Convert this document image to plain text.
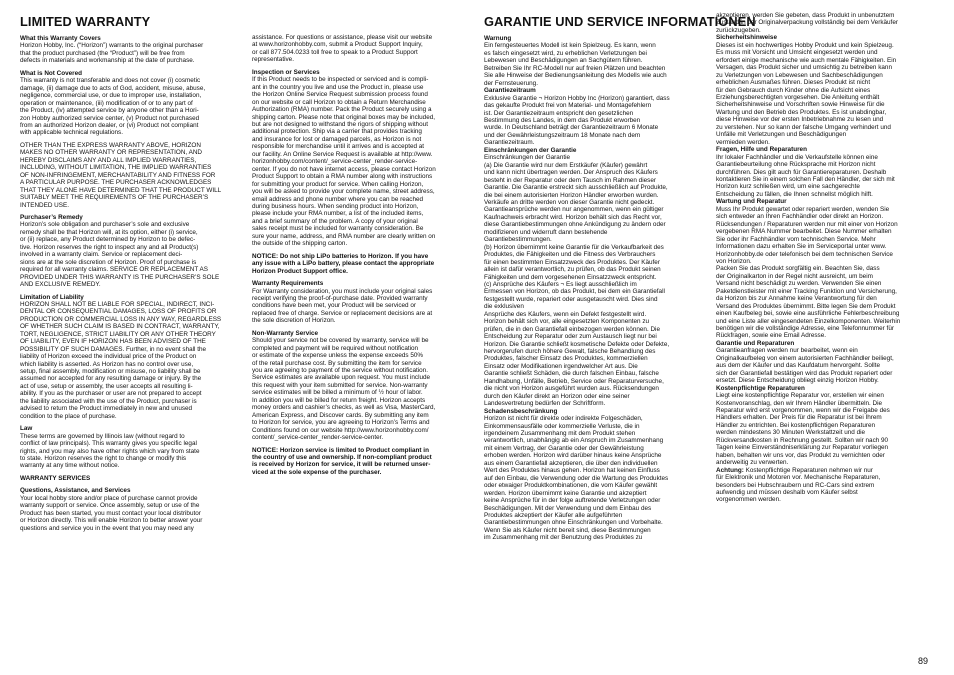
LIMITED WARRANTY
What this Warranty Covers
Horizon Hobby, Inc. (“Horizon”) warrants to the original purchaser
that the product purchased (the “Product”) will be free from
defects in materials and workmanship at the date of purchase.
What is Not Covered
This warranty is not transferable and does not cover (i) cosmetic
damage, (ii) damage due to acts of God, accident, misuse, abuse,
negligence, commercial use, or due to improper use, installation,
operation or maintenance, (iii) modification of or to any part of
the Product, (iv) attempted service by anyone other than a Hori-
zon Hobby authorized service center, (v) Product not purchased
from an authorized Horizon dealer, or (vi) Product not compliant
with applicable technical regulations.
OTHER THAN THE EXPRESS WARRANTY ABOVE, HORIZON
MAKES NO OTHER WARRANTY OR REPRESENTATION, AND
HEREBY DISCLAIMS ANY AND ALL IMPLIED WARRANTIES,
INCLUDING, WITHOUT LIMITATION, THE IMPLIED WARRANTIES
OF NON-INFRINGEMENT, MERCHANTABILITY AND FITNESS FOR
A PARTICULAR PURPOSE. THE PURCHASER ACKNOWLEDGES
THAT THEY ALONE HAVE DETERMINED THAT THE PRODUCT WILL
SUITABLY MEET THE REQUIREMENTS OF THE PURCHASER’S
INTENDED USE.
Purchaser’s Remedy
Horizon’s sole obligation and purchaser’s sole and exclusive
remedy shall be that Horizon will, at its option, either (i) service,
or (ii) replace, any Product determined by Horizon to be defec-
tive. Horizon reserves the right to inspect any and all Product(s)
involved in a warranty claim. Service or replacement deci-
sions are at the sole discretion of Horizon. Proof of purchase is
required for all warranty claims. SERVICE OR REPLACEMENT AS
PROVIDED UNDER THIS WARRANTY IS THE PURCHASER’S SOLE
AND EXCLUSIVE REMEDY.
Limitation of Liability
HORIZON SHALL NOT BE LIABLE FOR SPECIAL, INDIRECT, INCI-
DENTAL OR CONSEQUENTIAL DAMAGES, LOSS OF PROFITS OR
PRODUCTION OR COMMERCIAL LOSS IN ANY WAY, REGARDLESS
OF WHETHER SUCH CLAIM IS BASED IN CONTRACT, WARRANTY,
TORT, NEGLIGENCE, STRICT LIABILITY OR ANY OTHER THEORY
OF LIABILITY, EVEN IF HORIZON HAS BEEN ADVISED OF THE
POSSIBILITY OF SUCH DAMAGES. Further, in no event shall the
liability of Horizon exceed the individual price of the Product on
which liability is asserted. As Horizon has no control over use,
setup, final assembly, modification or misuse, no liability shall be
assumed nor accepted for any resulting damage or injury. By the
act of use, setup or assembly, the user accepts all resulting li-
ability. If you as the purchaser or user are not prepared to accept
the liability associated with the use of the Product, purchaser is
advised to return the Product immediately in new and unused
condition to the place of purchase.
Law
These terms are governed by Illinois law (without regard to
conflict of law principals). This warranty gives you specific legal
rights, and you may also have other rights which vary from state
to state. Horizon reserves the right to change or modify this
warranty at any time without notice.
WARRANTY SERVICES
Questions, Assistance, and Services
Your local hobby store and/or place of purchase cannot provide
warranty support or service. Once assembly, setup or use of the
Product has been started, you must contact your local distributor
or Horizon directly. This will enable Horizon to better answer your
questions and service you in the event that you may need any
assistance. For questions or assistance, please visit our website
at www.horizonhobby.com, submit a Product Support Inquiry,
or call 877.504.0233 toll free to speak to a Product Support
representative.
Inspection or Services
If this Product needs to be inspected or serviced and is compli-
ant in the country you live and use the Product in, please use
the Horizon Online Service Request submission process found
on our website or call Horizon to obtain a Return Merchandise
Authorization (RMA) number. Pack the Product securely using a
shipping carton. Please note that original boxes may be included,
but are not designed to withstand the rigors of shipping without
additional protection. Ship via a carrier that provides tracking
and insurance for lost or damaged parcels, as Horizon is not
responsible for merchandise until it arrives and is accepted at
our facility. An Online Service Request is available at http://www.
horizonhobby.com/content/_service-center_render-service-
center. If you do not have internet access, please contact Horizon
Product Support to obtain a RMA number along with instructions
for submitting your product for service. When calling Horizon,
you will be asked to provide your complete name, street address,
email address and phone number where you can be reached
during business hours. When sending product into Horizon,
please include your RMA number, a list of the included items,
and a brief summary of the problem. A copy of your original
sales receipt must be included for warranty consideration. Be
sure your name, address, and RMA number are clearly written on
the outside of the shipping carton.
NOTICE: Do not ship LiPo batteries to Horizon. If you have
any issue with a LiPo battery, please contact the appropriate
Horizon Product Support office.
Warranty Requirements
For Warranty consideration, you must include your original sales
receipt verifying the proof-of-purchase date. Provided warranty
conditions have been met, your Product will be serviced or
replaced free of charge. Service or replacement decisions are at
the sole discretion of Horizon.
Non-Warranty Service
Should your service not be covered by warranty, service will be
completed and payment will be required without notification
or estimate of the expense unless the expense exceeds 50%
of the retail purchase cost. By submitting the item for service
you are agreeing to payment of the service without notification.
Service estimates are available upon request. You must include
this request with your item submitted for service. Non-warranty
service estimates will be billed a minimum of ½ hour of labor.
In addition you will be billed for return freight. Horizon accepts
money orders and cashier’s checks, as well as Visa, MasterCard,
American Express, and Discover cards. By submitting any item
to Horizon for service, you are agreeing to Horizon’s Terms and
Conditions found on our website http://www.horizonhobby.com/
content/_service-center_render-service-center.
NOTICE: Horizon service is limited to Product compliant in
the country of use and ownership. If non-compliant product
is received by Horizon for service, it will be returned unser-
viced at the sole expense of the purchaser.
GARANTIE UND SERVICE INFORMATIONEN
Warnung
Ein ferngesteuertes Modell ist kein Spielzeug. Es kann, wenn
es falsch eingesetzt wird, zu erheblichen Verletzungen bei
Lebewesen und Beschädigungen an Sachgütern führen.
Betreiben Sie Ihr RC-Modell nur auf freien Plätzen und beachten
Sie alle Hinweise der Bedienungsanleitung des Modells wie auch
der Fernsteuerung.
Garantiezeitraum
Exklusive Garantie ¬ Horizon Hobby Inc (Horizon) garantiert, dass
das gekaufte Produkt frei von Material- und Montagefehlern
ist. Der Garantiezeitraum entspricht den gesetzlichen
Bestimmung des Landes, in dem das Produkt erworben
wurde. In Deutschland beträgt der Garantiezeitraum 6 Monate
und der Gewährleistungszeitraum 18 Monate nach dem
Garantiezeitraum.
Einschränkungen der Garantie
Einschränkungen der Garantie
(a) Die Garantie wird nur dem Erstkäufer (Käufer) gewährt
und kann nicht übertragen werden. Der Anspruch des Käufers
besteht in der Reparatur oder dem Tausch im Rahmen dieser
Garantie. Die Garantie erstreckt sich ausschließlich auf Produkte,
die bei einem autorisierten Horizon Händler erworben wurden.
Verkäufe an dritte werden von dieser Garantie nicht gedeckt.
Garantieansprüche werden nur angenommen, wenn ein gültiger
Kaufnachweis erbracht wird. Horizon behält sich das Recht vor,
diese Garantiebestimmungen ohne Ankündigung zu ändern oder
modifizieren und widerruft dann bestehende
Garantiebestimmungen.
(b) Horizon übernimmt keine Garantie für die Verkaufbarkeit des
Produktes, die Fähigkeiten und die Fitness des Verbrauchers
für einen bestimmten Einsatzzweck des Produktes. Der Käufer
allein ist dafür verantwortlich, zu prüfen, ob das Produkt seinen
Fähigkeiten und dem vorgesehenen Einsatzzweck entspricht.
(c) Ansprüche des Käufers ¬ Es liegt ausschließlich im
Ermessen von Horizon, ob das Produkt, bei dem ein Garantiefall
festgestellt wurde, repariert oder ausgetauscht wird. Dies sind
die exklusiven
Ansprüche des Käufers, wenn ein Defekt festgestellt wird.
Horizon behält sich vor, alle eingesetzten Komponenten zu
prüfen, die in den Garantiefall einbezogen werden können. Die
Entscheidung zur Reparatur oder zum Austausch liegt nur bei
Horizon. Die Garantie schließt kosmetische Defekte oder Defekte,
hervorgerufen durch höhere Gewalt, falsche Behandlung des
Produktes, falscher Einsatz des Produktes, kommerziellen
Einsatz oder Modifikationen irgendwelcher Art aus. Die
Garantie schließt Schäden, die durch falschen Einbau, falsche
Handhabung, Unfälle, Betrieb, Service oder Reparaturversuche,
die nicht von Horizon ausgeführt wurden aus. Rücksendungen
durch den Käufer direkt an Horizon oder eine seiner
Landesvertretung bedürfen der Schriftform.
Schadensbeschränkung
Horizon ist nicht für direkte oder indirekte Folgeschäden,
Einkommensausfälle oder kommerzielle Verluste, die in
irgendeinem Zusammenhang mit dem Produkt stehen
verantwortlich, unabhängig ab ein Anspruch im Zusammenhang
mit einem Vertrag, der Garantie oder der Gewährleistung
erhoben werden. Horizon wird darüber hinaus keine Ansprüche
aus einem Garantiefall akzeptieren, die über den individuellen
Wert des Produktes hinaus gehen. Horizon hat keinen Einfluss
auf den Einbau, die Verwendung oder die Wartung des Produktes
oder etwaiger Produktkombinationen, die vom Käufer gewählt
werden. Horizon übernimmt keine Garantie und akzeptiert
keine Ansprüche für in der folge auftretende Verletzungen oder
Beschädigungen. Mit der Verwendung und dem Einbau des
Produktes akzeptiert der Käufer alle aufgeführten
Garantiebestimmungen ohne Einschränkungen und Vorbehalte.
Wenn Sie als Käufer nicht bereit sind, diese Bestimmungen
im Zusammenhang mit der Benutzung des Produktes zu
akzeptieren, werden Sie gebeten, dass Produkt in unbenutztem
Zustand in der Originalverpackung vollständig bei dem Verkäufer
zurückzugeben.
Sicherheitshinweise
Dieses ist ein hochwertiges Hobby Produkt und kein Spielzeug.
Es muss mit Vorsicht und Umsicht eingesetzt werden und
erfordert einige mechanische wie auch mentale Fähigkeiten. Ein
Versagen, das Produkt sicher und umsichtig zu betreiben kann
zu Verletzungen von Lebewesen und Sachbeschädigungen
erheblichen Ausmaßes führen. Dieses Produkt ist nicht
für den Gebrauch durch Kinder ohne die Aufsicht eines
Erziehungsberechtigten vorgesehen. Die Anleitung enthält
Sicherheitshinweise und Vorschriften sowie Hinweise für die
Wartung und den Betrieb des Produktes. Es ist unabdingbar,
diese Hinweise vor der ersten Inbetriebnahme zu lesen und
zu verstehen. Nur so kann der falsche Umgang verhindert und
Unfälle mit Verletzungen und Beschädigungen
vermieden werden.
Fragen, Hilfe und Reparaturen
Ihr lokaler Fachhändler und die Verkaufstelle können eine
Garantiebeurteilung ohne Rücksprache mit Horizon nicht
durchführen. Dies gilt auch für Garantiereparaturen. Deshalb
kontaktieren Sie in einem solchen Fall den Händler, der sich mit
Horizon kurz schließen wird, um eine sachgerechte
Entscheidung zu fällen, die Ihnen schnellst möglich hilft.
Wartung und Reparatur
Muss Ihr Produkt gewartet oder repariert werden, wenden Sie
sich entweder an Ihren Fachhändler oder direkt an Horizon.
Rücksendungen / Reparaturen werden nur mit einer von Horizon
vergebenen RMA Nummer bearbeitet. Diese Nummer erhalten
Sie oder ihr Fachhändler vom technischen Service. Mehr
Informationen dazu erhalten Sie im Serviceportal unter www.
Horizonhobby.de oder telefonisch bei dem technischen Service
von Horizon.
Packen Sie das Produkt sorgfältig ein. Beachten Sie, dass
der Originalkarton in der Regel nicht ausreicht, um beim
Versand nicht beschädigt zu werden. Verwenden Sie einen
Paketdienstleister mit einer Tracking Funktion und Versicherung,
da Horizon bis zur Annahme keine Verantwortung für den
Versand des Produktes übernimmt. Bitte legen Sie dem Produkt
einen Kaufbeleg bei, sowie eine ausführliche Fehlerbeschreibung
und eine Liste aller eingesendeten Einzelkomponenten. Weiterhin
benötigen wir die vollständige Adresse, eine Telefonnummer für
Rückfragen, sowie eine Email Adresse.
Garantie und Reparaturen
Garantieanfragen werden nur bearbeitet, wenn ein
Originalkaufbeleg von einem autorisierten Fachhändler beiliegt,
aus dem der Käufer und das Kaufdatum hervorgeht. Sollte
sich der Garantiefall bestätigen wird das Produkt repariert oder
ersetzt. Diese Entscheidung obliegt einzig Horizon Hobby.
Kostenpflichtige Reparaturen
Liegt eine kostenpflichtige Reparatur vor, erstellen wir einen
Kostenvoranschlag, den wir Ihrem Händler übermitteln. Die
Reparatur wird erst vorgenommen, wenn wir die Freigabe des
Händlers erhalten. Der Preis für die Reparatur ist bei Ihrem
Händler zu entrichten. Bei kostenpflichtigen Reparaturen
werden mindestens 30 Minuten Werkstattzeit und die
Rückversandkosten in Rechnung gestellt. Sollten wir nach 90
Tagen keine Einverständniserklärung zur Reparatur vorliegen
haben, behalten wir uns vor, das Produkt zu vernichten oder
anderweitig zu verwerten.
Achtung: Kostenpflichtige Reparaturen nehmen wir nur
für Elektronik und Motoren vor. Mechanische Reparaturen,
besonders bei Hubschraubern und RC-Cars sind extrem
aufwendig und müssen deshalb vom Käufer selbst
vorgenommen werden.
89
